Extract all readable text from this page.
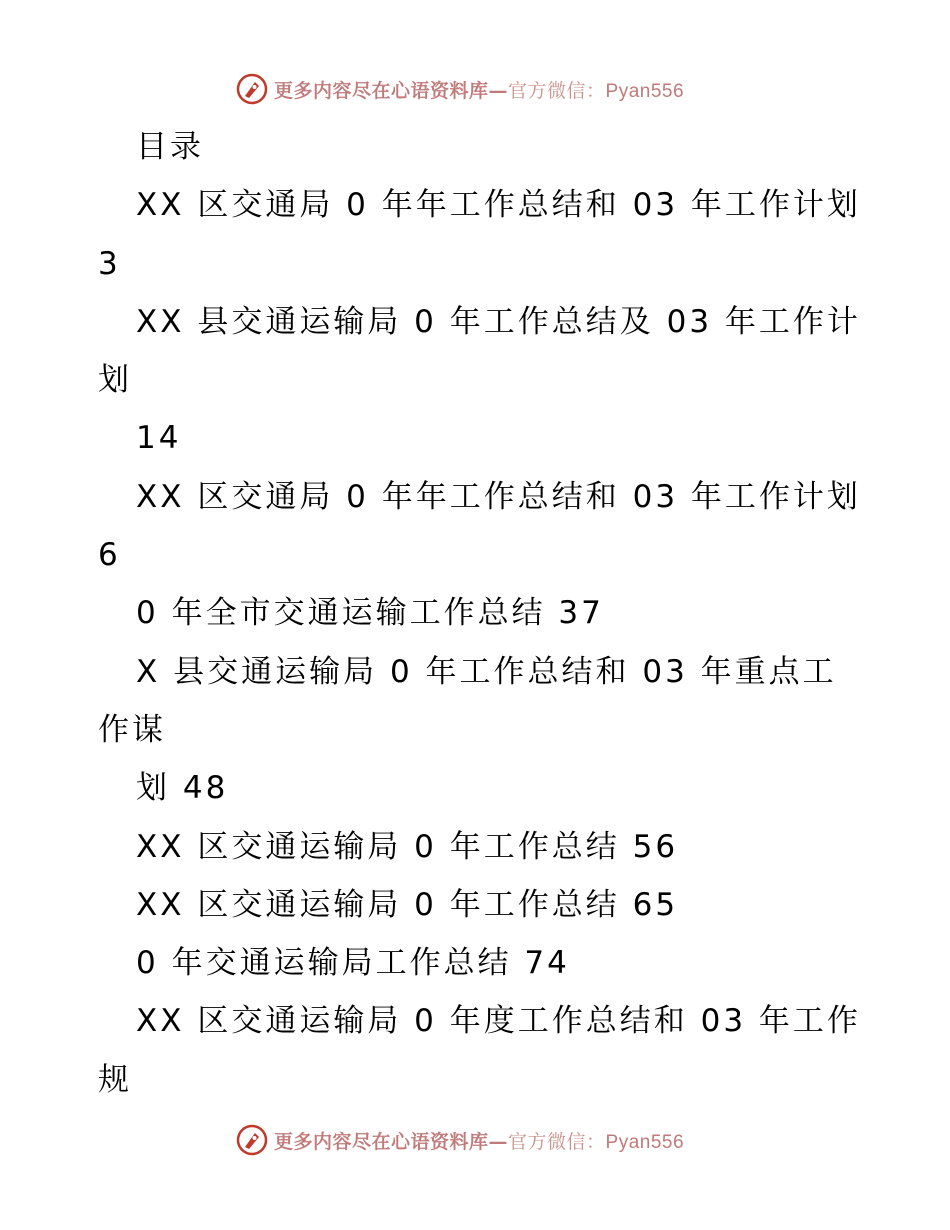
更多内容尽在心语资料库—官方微信：Pyan556
目录
XX 区交通局 0 年年工作总结和 03 年工作计划
3
XX 县交通运输局 0 年工作总结及 03 年工作计
划
14
XX 区交通局 0 年年工作总结和 03 年工作计划
6
0 年全市交通运输工作总结 37
X 县交通运输局 0 年工作总结和 03 年重点工
作谋
划 48
XX 区交通运输局 0 年工作总结 56
XX 区交通运输局 0 年工作总结 65
0 年交通运输局工作总结 74
XX 区交通运输局 0 年度工作总结和 03 年工作
规
更多内容尽在心语资料库—官方微信：Pyan556
